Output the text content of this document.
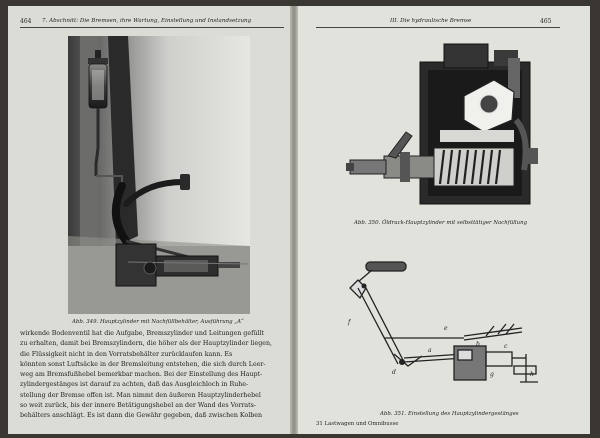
464 7. Abschnitt: Die Bremsen, ihre Wartung, Einstellung und Instandsetzung
Abb. 349. Hauptzylinder mit Nachfüllbehälter, Ausführung „A“
wirkende Bodenventil hat die Aufgabe, Bremszylinder und Leitungen gefüllt
zu erhalten, damit bei Bremszylindern, die höher als der Hauptzylinder liegen,
die Flüssigkeit nicht in den Vorratsbehälter zurücklaufen kann. Es
könnten sonst Luftsäcke in der Bremsleitung entstehen, die sich durch Leer-
weg am Bremsfußhebel bemerkbar machen. Bei der Einstellung des Haupt-
zylindergestänges ist darauf zu achten, daß das Ausgleichloch in Ruhe-
stellung der Bremse offen ist. Man nimmt den äußeren Hauptzylinderhebel
so weit zurück, bis der innere Betätigungshebel an der Wand des Vorrats-
behälters anschlägt. Es ist dann die Gewähr gegeben, daß zwischen Kolben
III. Die hydraulische Bremse	465
Abb. 350. Öldruck-Hauptzylinder mit selbsttätiger Nachfüllung
f
d
e
a
b	c
g	h
Abb. 351. Einstellung des Hauptzylindergestänges
31 Lastwagen und Omnibusse
